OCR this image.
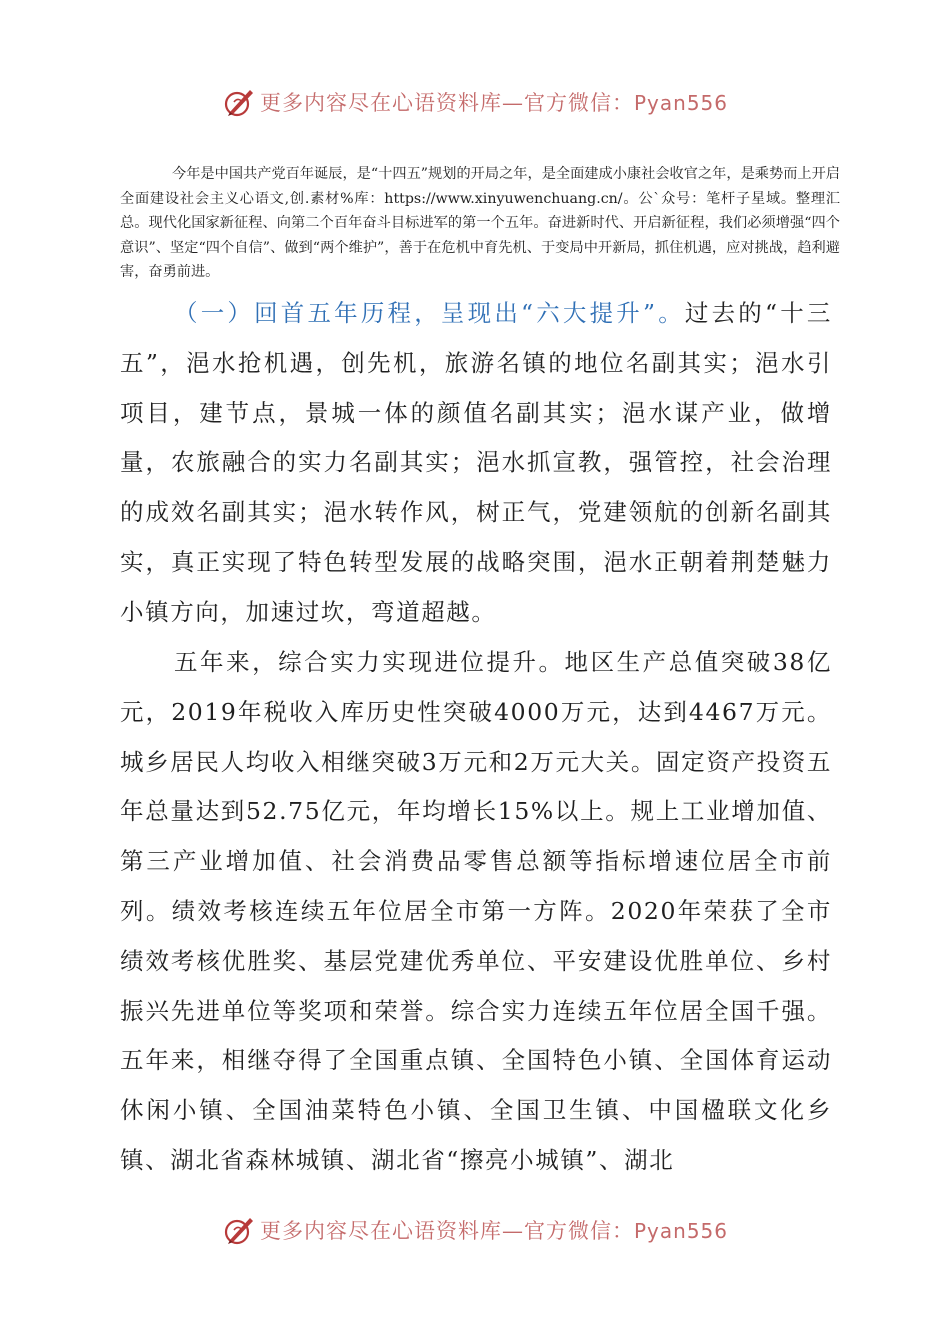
更多内容尽在心语资料库—官方微信：Pyan556

今年是中国共产党百年诞辰，是“十四五”规划的开局之年，是全面建成小康社会收官之年，是乘势而上开启全面建设社会主义心语文,创.素材%库：https://www.xinyuwenchuang.cn/。公`众号：笔杆子星域。整理汇总。现代化国家新征程、向第二个百年奋斗目标进军的第一个五年。奋进新时代、开启新征程，我们必须增强“四个意识”、坚定“四个自信”、做到“两个维护”，善于在危机中育先机、于变局中开新局，抓住机遇，应对挑战，趋利避害，奋勇前进。

（一）回首五年历程，呈现出“六大提升”。过去的“十三五”，浥水抢机遇，创先机，旅游名镇的地位名副其实；浥水引项目，建节点，景城一体的颜值名副其实；浥水谋产业，做增量，农旅融合的实力名副其实；浥水抓宣教，强管控，社会治理的成效名副其实；浥水转作风，树正气，党建领航的创新名副其实，真正实现了特色转型发展的战略突围，浥水正朝着荆楚魅力小镇方向，加速过坎，弯道超越。

五年来，综合实力实现进位提升。地区生产总值突破38亿元，2019年税收入库历史性突破4000万元，达到4467万元。城乡居民人均收入相继突破3万元和2万元大关。固定资产投资五年总量达到52.75亿元，年均增长15%以上。规上工业增加值、第三产业增加值、社会消费品零售总额等指标增速位居全市前列。绩效考核连续五年位居全市第一方阵。2020年荣获了全市绩效考核优胜奖、基层党建优秀单位、平安建设优胜单位、乡村振兴先进单位等奖项和荣誉。综合实力连续五年位居全国千强。五年来，相继夺得了全国重点镇、全国特色小镇、全国体育运动休闲小镇、全国油菜特色小镇、全国卫生镇、中国楹联文化乡镇、湖北省森林城镇、湖北省“擦亮小城镇”、湖北

更多内容尽在心语资料库—官方微信：Pyan556
